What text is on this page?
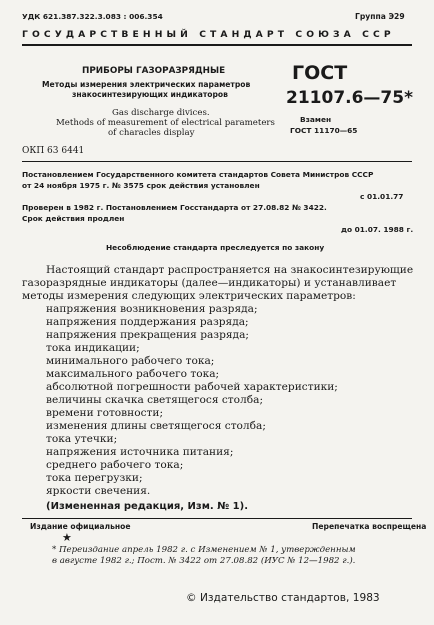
УДК 621.387.322.3.083 : 006.354	Группа Э29
ГОСУДАРСТВЕННЫЙ СТАНДАРТ СОЮЗА ССР
ПРИБОРЫ ГАЗОРАЗРЯДНЫЕ
Методы измерения электрических параметров
знакосинтезирующих индикаторов
Gas discharge divices.
Methods of measurement of electrical parameters
of characles display
ГОСТ
21107.6—75*
Взамен
ГОСТ 11170—65
ОКП 63 6441
Постановлением Государственного комитета стандартов Совета Министров СССР
от 24 ноября 1975 г. № 3575 срок действия установлен
с 01.01.77
Проверен в 1982 г. Постановлением Госстандарта от 27.08.82 № 3422.
Срок действия продлен
до 01.07. 1988 г.
Несоблюдение стандарта преследуется по закону
Настоящий стандарт распространяется на знакосинтезирующие
газоразрядные индикаторы (далее—индикаторы) и устанавливает
методы измерения следующих электрических параметров:
напряжения возникновения разряда;
напряжения поддержания разряда;
напряжения прекращения разряда;
тока индикации;
минимального рабочего тока;
максимального рабочего тока;
абсолютной погрешности рабочей характеристики;
величины скачка светящегося столба;
времени готовности;
изменения длины светящегося столба;
тока утечки;
напряжения источника питания;
среднего рабочего тока;
тока перегрузки;
яркости свечения.
(Измененная редакция, Изм. № 1).
Издание официальное	Перепечатка воспрещена
★
* Переиздание апрель 1982 г. с Изменением № 1, утвержденным
в августе 1982 г.; Пост. № 3422 от 27.08.82 (ИУС № 12—1982 г.).
© Издательство стандартов, 1983
